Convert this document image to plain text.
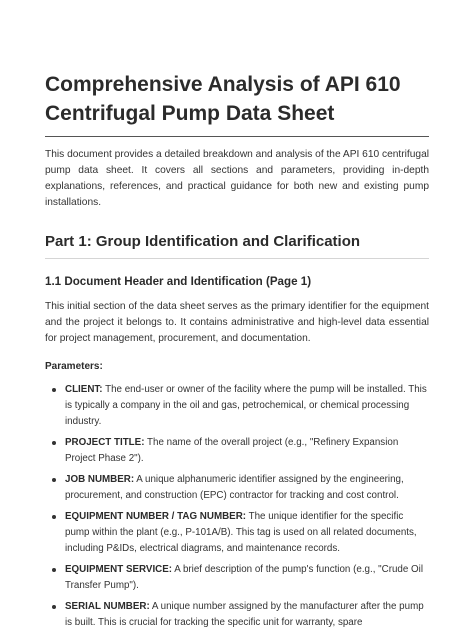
Comprehensive Analysis of API 610 Centrifugal Pump Data Sheet

This document provides a detailed breakdown and analysis of the API 610 centrifugal pump data sheet. It covers all sections and parameters, providing in-depth explanations, references, and practical guidance for both new and existing pump installations.

Part 1: Group Identification and Clarification
1.1 Document Header and Identification (Page 1)

This initial section of the data sheet serves as the primary identifier for the equipment and the project it belongs to. It contains administrative and high-level data essential for project management, procurement, and documentation.

Parameters:

CLIENT: The end-user or owner of the facility where the pump will be installed. This is typically a company in the oil and gas, petrochemical, or chemical processing industry.
PROJECT TITLE: The name of the overall project (e.g., "Refinery Expansion Project Phase 2").
JOB NUMBER: A unique alphanumeric identifier assigned by the engineering, procurement, and construction (EPC) contractor for tracking and cost control.
EQUIPMENT NUMBER / TAG NUMBER: The unique identifier for the specific pump within the plant (e.g., P-101A/B). This tag is used on all related documents, including P&IDs, electrical diagrams, and maintenance records.
EQUIPMENT SERVICE: A brief description of the pump's function (e.g., "Crude Oil Transfer Pump").
SERIAL NUMBER: A unique number assigned by the manufacturer after the pump is built. This is crucial for tracking the specific unit for warranty, spare
